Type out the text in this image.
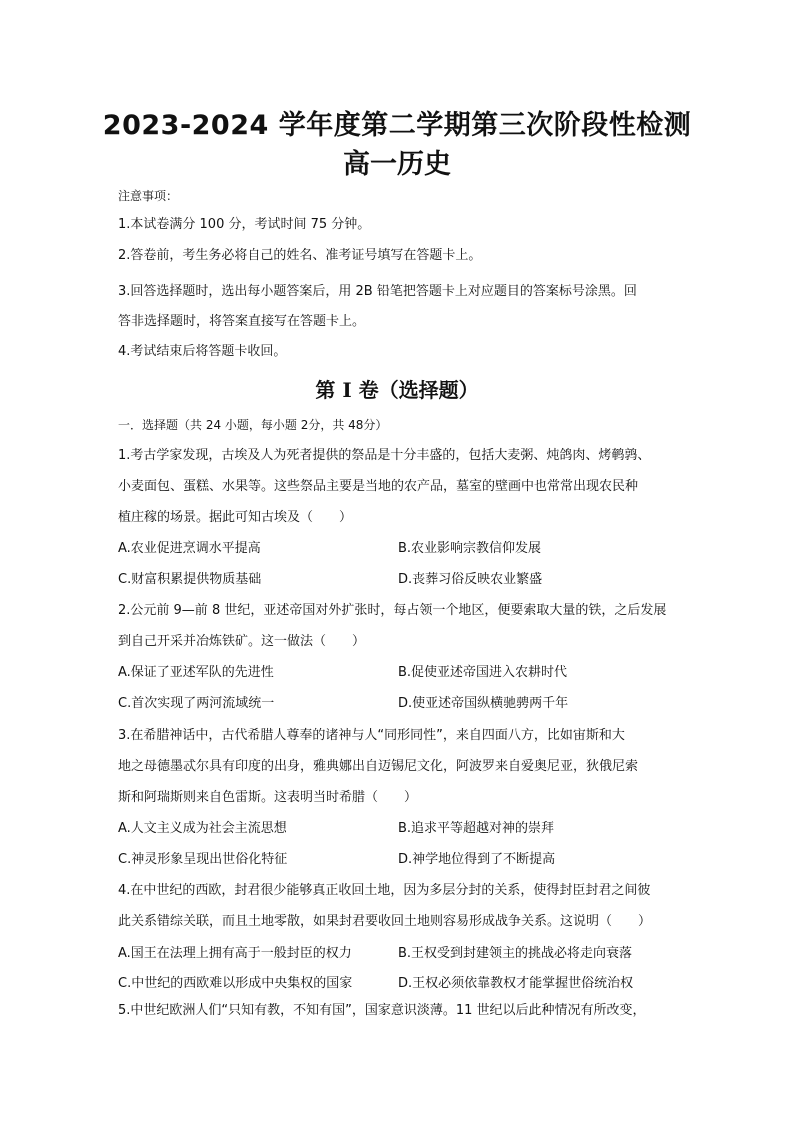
2023-2024 学年度第二学期第三次阶段性检测
高一历史
注意事项：
1.本试卷满分 100 分，考试时间 75 分钟。
2.答卷前，考生务必将自己的姓名、准考证号填写在答题卡上。
3.回答选择题时，选出每小题答案后，用 2B 铅笔把答题卡上对应题目的答案标号涂黑。回
答非选择题时，将答案直接写在答题卡上。
4.考试结束后将答题卡收回。
第 I 卷（选择题）
一．选择题（共 24 小题，每小题 2分，共 48分）
1.考古学家发现，古埃及人为死者提供的祭品是十分丰盛的，包括大麦粥、炖鸽肉、烤鹌鹑、
小麦面包、蛋糕、水果等。这些祭品主要是当地的农产品，墓室的壁画中也常常出现农民种
植庄稼的场景。据此可知古埃及（　　）
A.农业促进烹调水平提高	B.农业影响宗教信仰发展
C.财富积累提供物质基础	D.丧葬习俗反映农业繁盛
2.公元前 9—前 8 世纪，亚述帝国对外扩张时，每占领一个地区，便要索取大量的铁，之后发展
到自己开采并冶炼铁矿。这一做法（　　）
A.保证了亚述军队的先进性	B.促使亚述帝国进入农耕时代
C.首次实现了两河流域统一	D.使亚述帝国纵横驰骋两千年
3.在希腊神话中，古代希腊人尊奉的诸神与人“同形同性”，来自四面八方，比如宙斯和大
地之母德墨忒尔具有印度的出身，雅典娜出自迈锡尼文化，阿波罗来自爱奥尼亚，狄俄尼索
斯和阿瑞斯则来自色雷斯。这表明当时希腊（　　）
A.人文主义成为社会主流思想	B.追求平等超越对神的崇拜
C.神灵形象呈现出世俗化特征	D.神学地位得到了不断提高
4.在中世纪的西欧，封君很少能够真正收回土地，因为多层分封的关系，使得封臣封君之间彼
此关系错综关联，而且土地零散，如果封君要收回土地则容易形成战争关系。这说明（　　）
A.国王在法理上拥有高于一般封臣的权力	B.王权受到封建领主的挑战必将走向衰落
C.中世纪的西欧难以形成中央集权的国家	D.王权必须依靠教权才能掌握世俗统治权
5.中世纪欧洲人们“只知有教，不知有国”，国家意识淡薄。11 世纪以后此种情况有所改变，
